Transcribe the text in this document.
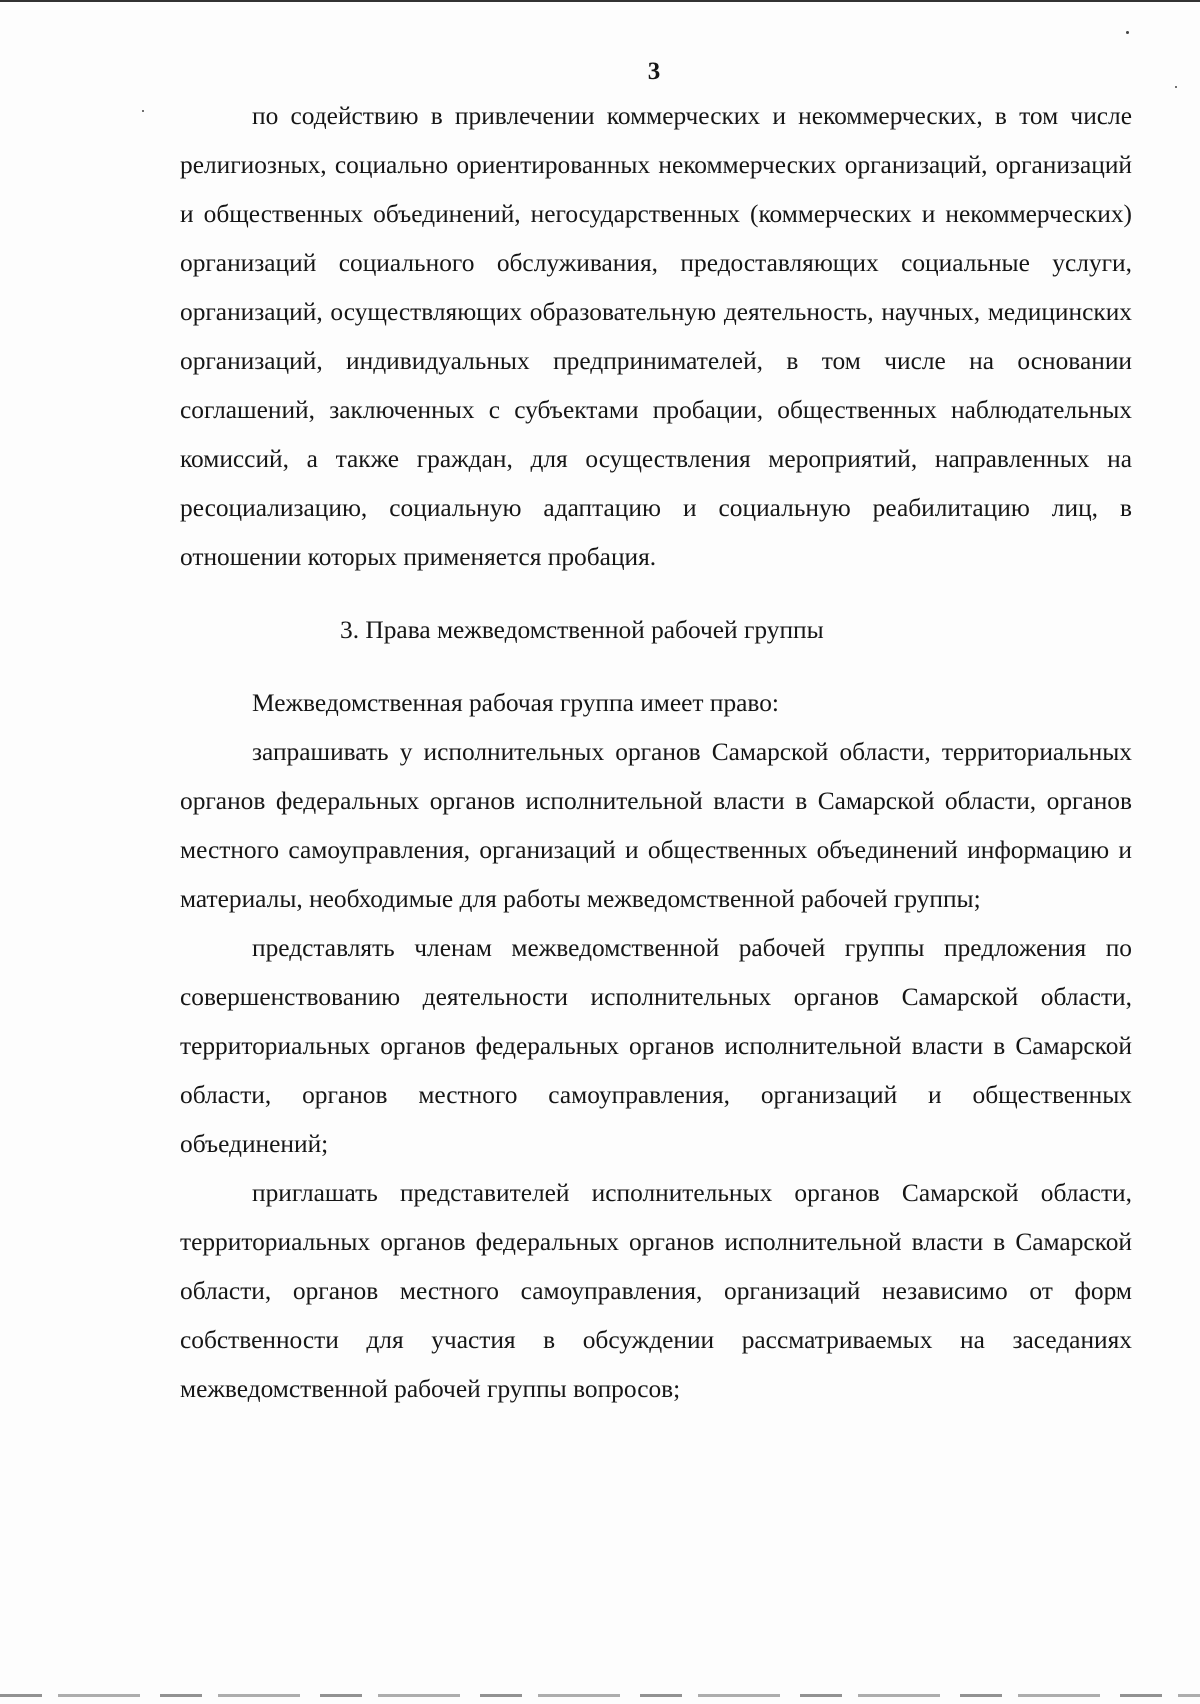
3

по содействию в привлечении коммерческих и некоммерческих, в том числе религиозных, социально ориентированных некоммерческих организаций, организаций и общественных объединений, негосударственных (коммерческих и некоммерческих) организаций социального обслуживания, предоставляющих социальные услуги, организаций, осуществляющих образовательную деятельность, научных, медицинских организаций, индивидуальных предпринимателей, в том числе на основании соглашений, заключенных с субъектами пробации, общественных наблюдательных комиссий, а также граждан, для осуществления мероприятий, направленных на ресоциализацию, социальную адаптацию и социальную реабилитацию лиц, в отношении которых применяется пробация.

3. Права межведомственной рабочей группы

Межведомственная рабочая группа имеет право:

запрашивать у исполнительных органов Самарской области, территориальных органов федеральных органов исполнительной власти в Самарской области, органов местного самоуправления, организаций и общественных объединений информацию и материалы, необходимые для работы межведомственной рабочей группы;

представлять членам межведомственной рабочей группы предложения по совершенствованию деятельности исполнительных органов Самарской области, территориальных органов федеральных органов исполнительной власти в Самарской области, органов местного самоуправления, организаций и общественных объединений;

приглашать представителей исполнительных органов Самарской области, территориальных органов федеральных органов исполнительной власти в Самарской области, органов местного самоуправления, организаций независимо от форм собственности для участия в обсуждении рассматриваемых на заседаниях межведомственной рабочей группы вопросов;
